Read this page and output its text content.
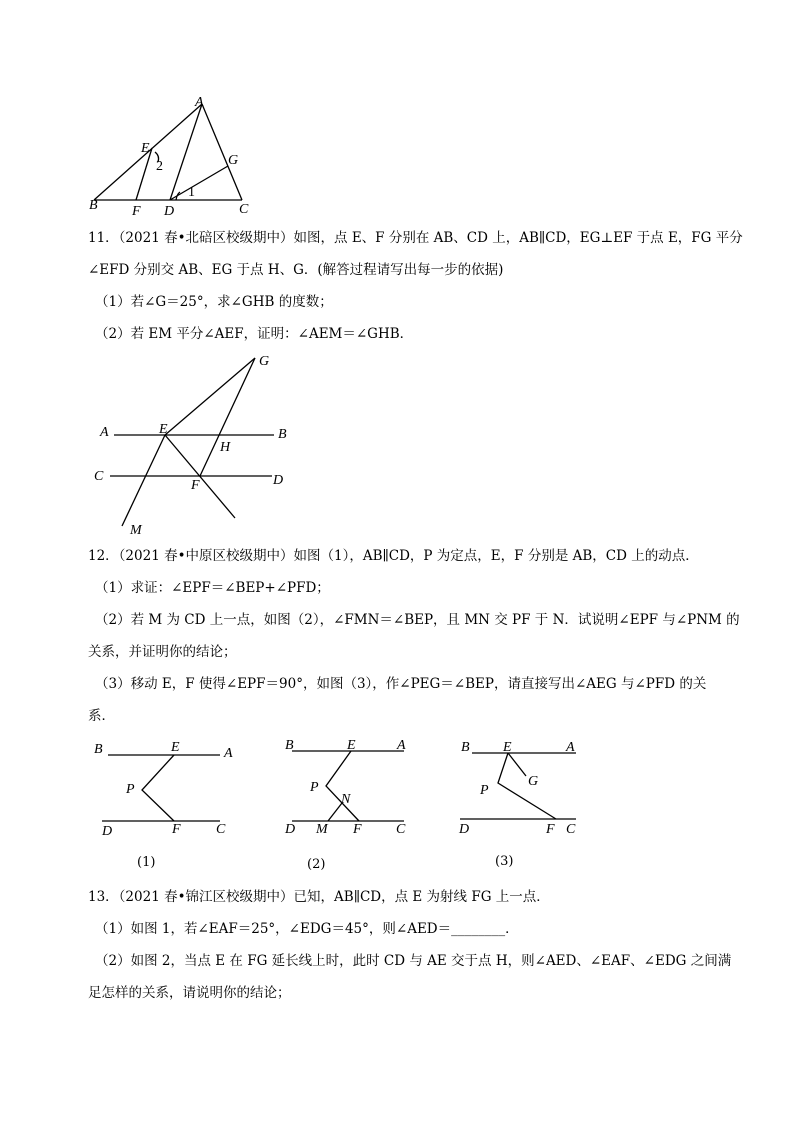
A
E
2	G
1
B F D	C
11．（2021 春•北碚区校级期中）如图，点 E、F 分别在 AB、CD 上，AB∥CD，EG⊥EF 于点 E，FG 平分
∠EFD 分别交 AB、EG 于点 H、G．(解答过程请写出每一步的依据)
（1）若∠G＝25°，求∠GHB 的度数；
（2）若 EM 平分∠AEF，证明：∠AEM＝∠GHB．
G
A	E	B
H
C	D
F
M
12．（2021 春•中原区校级期中）如图（1），AB∥CD，P 为定点，E，F 分别是 AB，CD 上的动点．
（1）求证：∠EPF＝∠BEP+∠PFD；
（2）若 M 为 CD 上一点，如图（2），∠FMN＝∠BEP，且 MN 交 PF 于 N．试说明∠EPF 与∠PNM 的
关系，并证明你的结论；
（3）移动 E，F 使得∠EPF＝90°，如图（3），作∠PEG＝∠BEP，请直接写出∠AEG 与∠PFD 的关
系．
B	E	A
P
D	F	C
(1)
B	E	A
P
N
D M F C
(2)
B E	A
G
P
D	F C
(3)
13．（2021 春•锦江区校级期中）已知，AB∥CD，点 E 为射线 FG 上一点．
（1）如图 1，若∠EAF＝25°，∠EDG＝45°，则∠AED＝________．
（2）如图 2，当点 E 在 FG 延长线上时，此时 CD 与 AE 交于点 H，则∠AED、∠EAF、∠EDG 之间满
足怎样的关系，请说明你的结论；
